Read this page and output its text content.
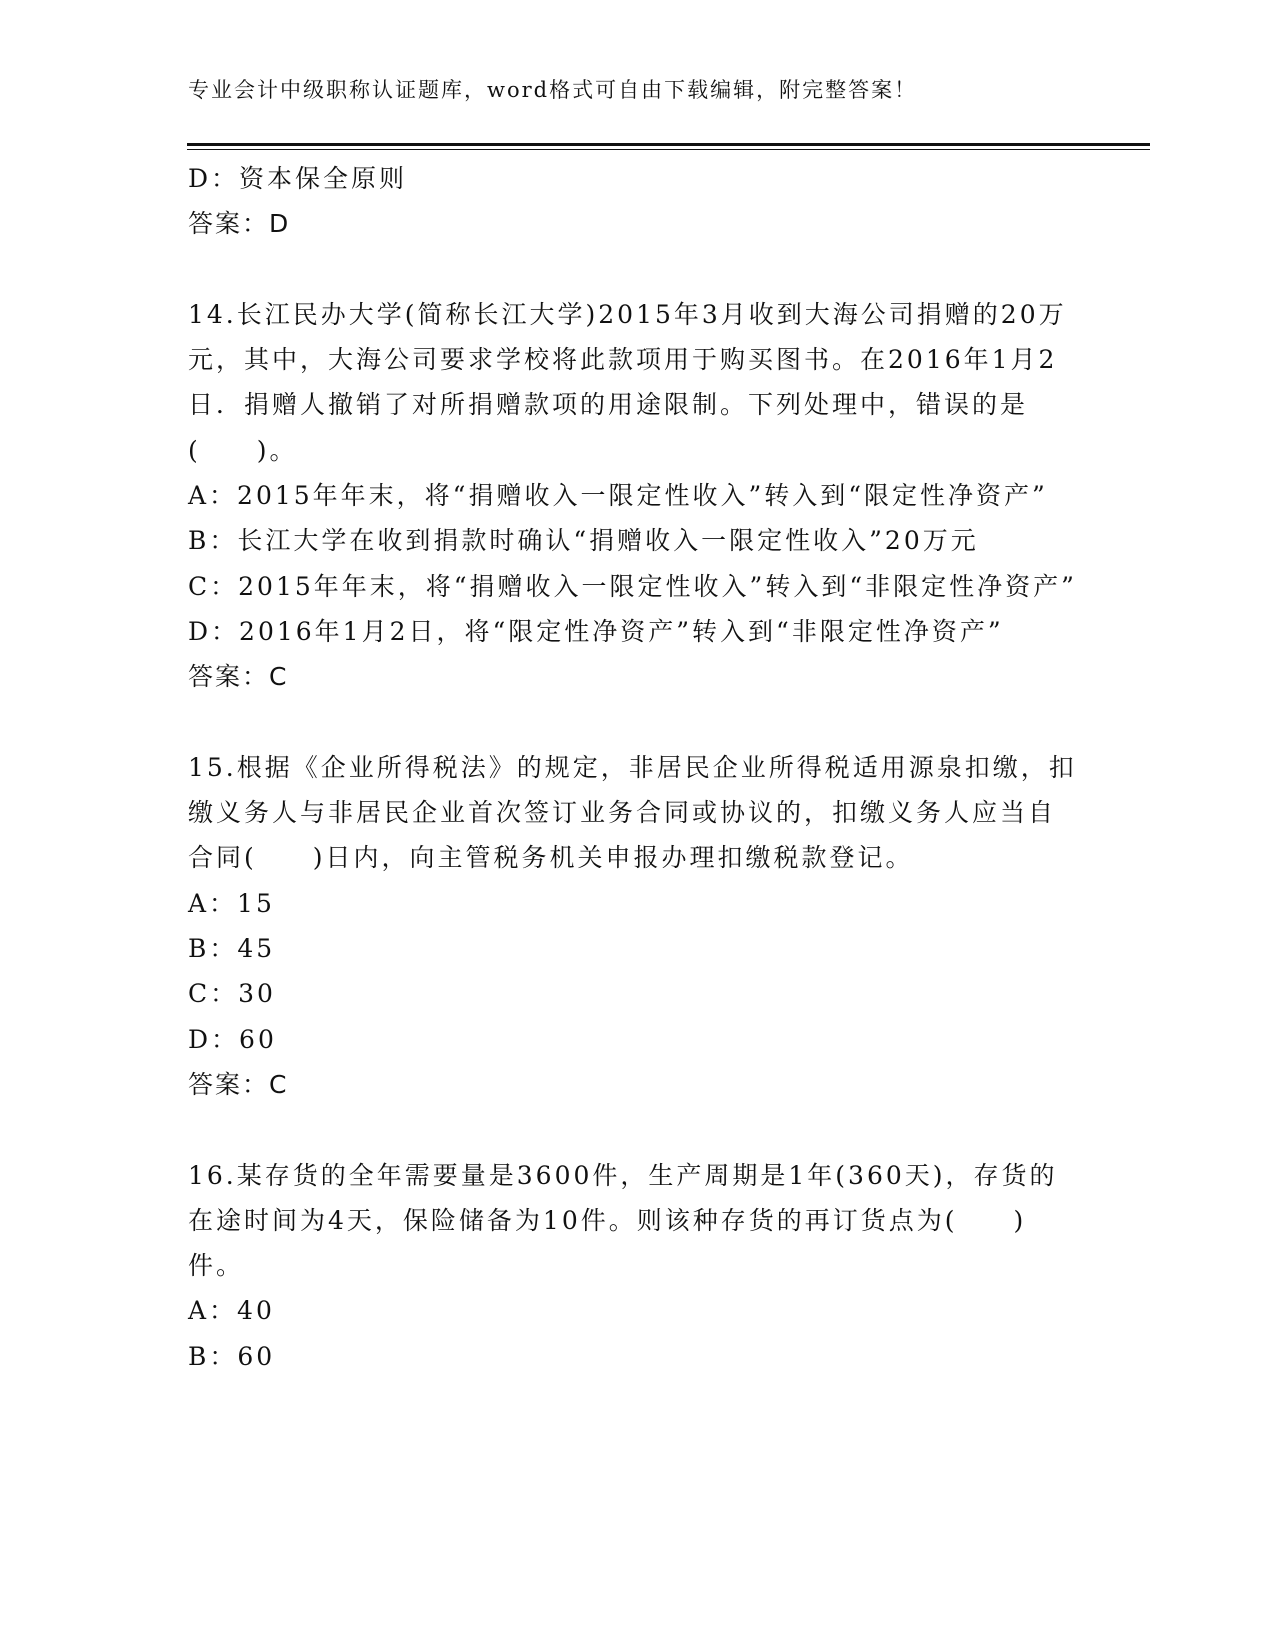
专业会计中级职称认证题库，word格式可自由下载编辑，附完整答案！
D：资本保全原则
答案：D
14.长江民办大学(简称长江大学)2015年3月收到大海公司捐赠的20万元，其中，大海公司要求学校将此款项用于购买图书。在2016年1月2日．捐赠人撤销了对所捐赠款项的用途限制。下列处理中，错误的是(　　)。
A：2015年年末，将“捐赠收入一限定性收入”转入到“限定性净资产”
B：长江大学在收到捐款时确认“捐赠收入一限定性收入”20万元
C：2015年年末，将“捐赠收入一限定性收入”转入到“非限定性净资产”
D：2016年1月2日，将“限定性净资产”转入到“非限定性净资产”
答案：C
15.根据《企业所得税法》的规定，非居民企业所得税适用源泉扣缴，扣缴义务人与非居民企业首次签订业务合同或协议的，扣缴义务人应当自合同(　　)日内，向主管税务机关申报办理扣缴税款登记。
A：15
B：45
C：30
D：60
答案：C
16.某存货的全年需要量是3600件，生产周期是1年(360天)，存货的在途时间为4天，保险储备为10件。则该种存货的再订货点为(　　)件。
A：40
B：60
